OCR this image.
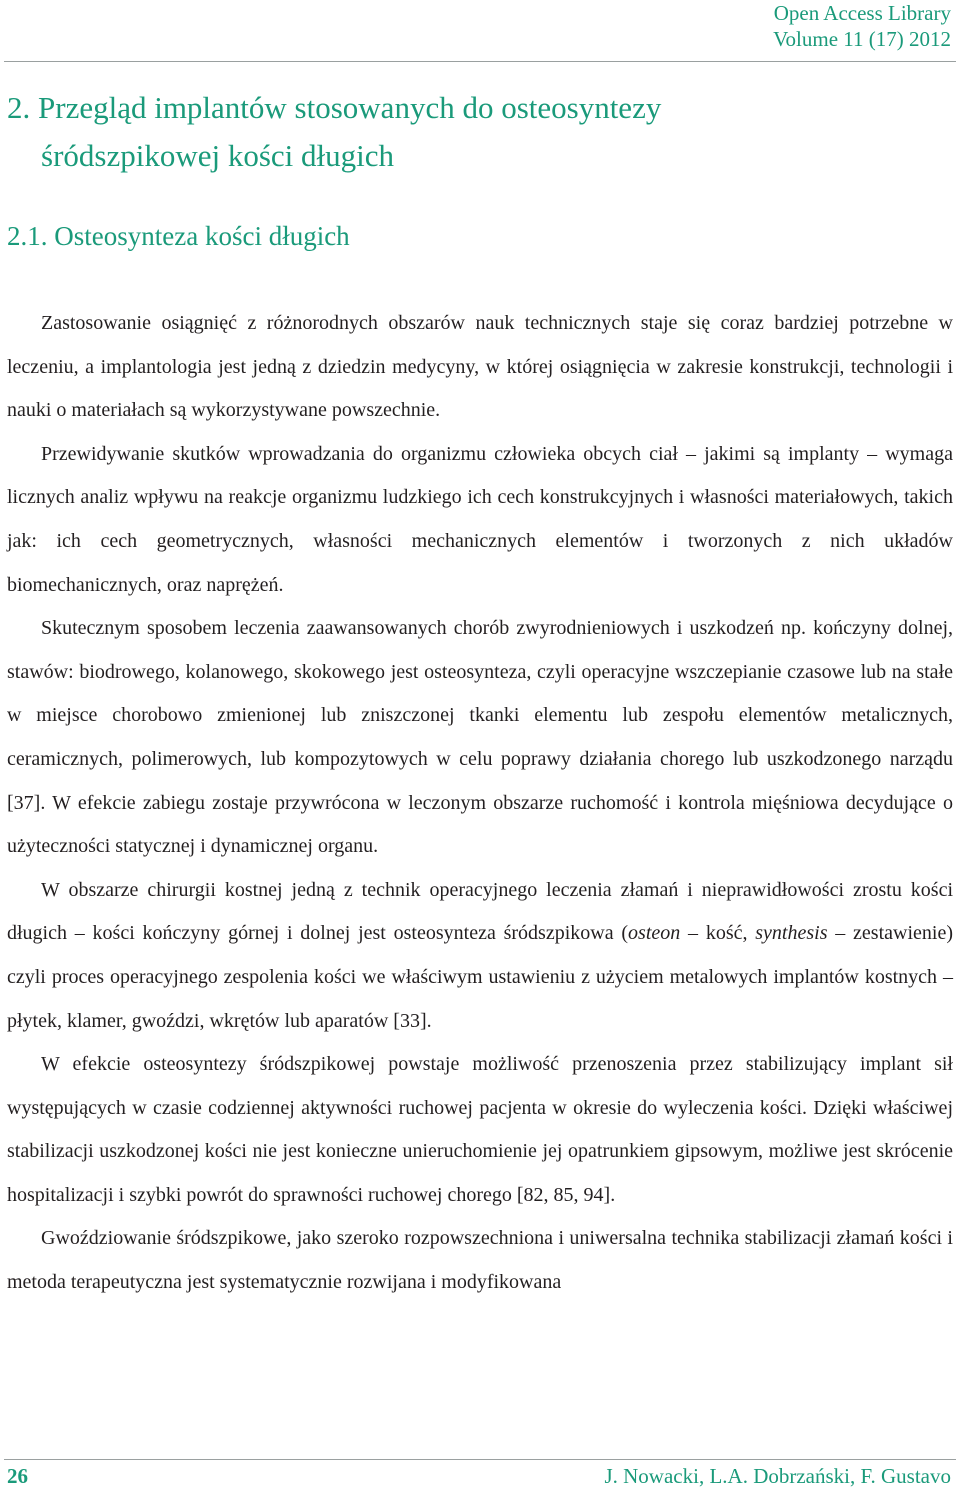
Open Access Library
Volume 11 (17) 2012
2. Przegląd implantów stosowanych do osteosyntezy
śródszpikowej kości długich
2.1. Osteosynteza kości długich

Zastosowanie osiągnięć z różnorodnych obszarów nauk technicznych staje się coraz bardziej potrzebne w leczeniu, a implantologia jest jedną z dziedzin medycyny, w której osiągnięcia w zakresie konstrukcji, technologii i nauki o materiałach są wykorzystywane powszechnie.

Przewidywanie skutków wprowadzania do organizmu człowieka obcych ciał – jakimi są implanty – wymaga licznych analiz wpływu na reakcje organizmu ludzkiego ich cech konstrukcyjnych i własności materiałowych, takich jak: ich cech geometrycznych, własności mechanicznych elementów i tworzonych z nich układów biomechanicznych, oraz naprężeń.

Skutecznym sposobem leczenia zaawansowanych chorób zwyrodnieniowych i uszkodzeń np. kończyny dolnej, stawów: biodrowego, kolanowego, skokowego jest osteosynteza, czyli operacyjne wszczepianie czasowe lub na stałe w miejsce chorobowo zmienionej lub zniszczonej tkanki elementu lub zespołu elementów metalicznych, ceramicznych, polimerowych, lub kompozytowych w celu poprawy działania chorego lub uszkodzonego narządu [37]. W efekcie zabiegu zostaje przywrócona w leczonym obszarze ruchomość i kontrola mięśniowa decydujące o użyteczności statycznej i dynamicznej organu.

W obszarze chirurgii kostnej jedną z technik operacyjnego leczenia złamań i nieprawidłowości zrostu kości długich – kości kończyny górnej i dolnej jest osteosynteza śródszpikowa (osteon – kość, synthesis – zestawienie) czyli proces operacyjnego zespolenia kości we właściwym ustawieniu z użyciem metalowych implantów kostnych – płytek, klamer, gwoździ, wkrętów lub aparatów [33].

W efekcie osteosyntezy śródszpikowej powstaje możliwość przenoszenia przez stabilizujący implant sił występujących w czasie codziennej aktywności ruchowej pacjenta w okresie do wyleczenia kości. Dzięki właściwej stabilizacji uszkodzonej kości nie jest konieczne unieruchomienie jej opatrunkiem gipsowym, możliwe jest skrócenie hospitalizacji i szybki powrót do sprawności ruchowej chorego [82, 85, 94].

Gwoździowanie śródszpikowe, jako szeroko rozpowszechniona i uniwersalna technika stabilizacji złamań kości i metoda terapeutyczna jest systematycznie rozwijana i modyfikowana

26	J. Nowacki, L.A. Dobrzański, F. Gustavo
